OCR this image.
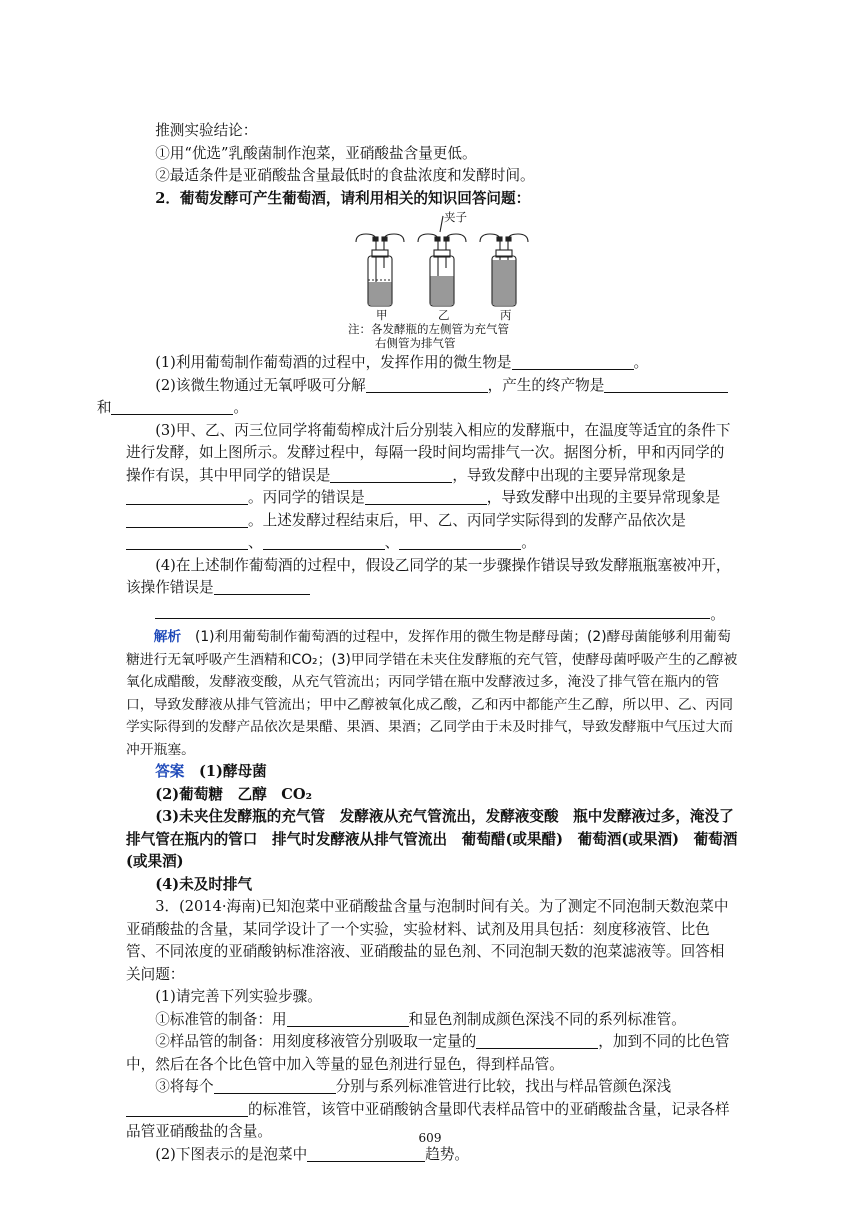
推测实验结论：

①用“优选”乳酸菌制作泡菜，亚硝酸盐含量更低。

②最适条件是亚硝酸盐含量最低时的食盐浓度和发酵时间。

2．葡萄发酵可产生葡萄酒，请利用相关的知识回答问题：

夹子
甲	乙	丙
注：各发酵瓶的左侧管为充气管
右侧管为排气管

(1)利用葡萄制作葡萄酒的过程中，发挥作用的微生物是	。

(2)该微生物通过无氧呼吸可分解	，产生的终产物是
和	。

(3)甲、乙、丙三位同学将葡萄榨成汁后分别装入相应的发酵瓶中，在温度等适宜的条件下进行发酵，如上图所示。发酵过程中，每隔一段时间均需排气一次。据图分析，甲和丙同学的操作有误，其中甲同学的错误是	，导致发酵中出现的主要异常现象是。丙同学的错误是	，导致发酵中出现的主要异常现象是。上述发酵过程结束后，甲、乙、丙同学实际得到的发酵产品依次是、	、	。

(4)在上述制作葡萄酒的过程中，假设乙同学的某一步骤操作错误导致发酵瓶瓶塞被冲开，该操作错误是

。

解析　 (1)利用葡萄制作葡萄酒的过程中，发挥作用的微生物是酵母菌；(2)酵母菌能够利用葡萄糖进行无氧呼吸产生酒精和CO₂；(3)甲同学错在未夹住发酵瓶的充气管，使酵母菌呼吸产生的乙醇被氧化成醋酸，发酵液变酸，从充气管流出；丙同学错在瓶中发酵液过多，淹没了排气管在瓶内的管口，导致发酵液从排气管流出；甲中乙醇被氧化成乙酸，乙和丙中都能产生乙醇，所以甲、乙、丙同学实际得到的发酵产品依次是果醋、果酒、果酒；乙同学由于未及时排气，导致发酵瓶中气压过大而冲开瓶塞。

答案　 (1)酵母菌

(2)葡萄糖　乙醇　CO₂

(3)未夹住发酵瓶的充气管　发酵液从充气管流出，发酵液变酸　瓶中发酵液过多，淹没了排气管在瓶内的管口　排气时发酵液从排气管流出　葡萄醋(或果醋)　葡萄酒(或果酒)　葡萄酒(或果酒)

(4)未及时排气

3．(2014·海南)已知泡菜中亚硝酸盐含量与泡制时间有关。为了测定不同泡制天数泡菜中亚硝酸盐的含量，某同学设计了一个实验，实验材料、试剂及用具包括：刻度移液管、比色管、不同浓度的亚硝酸钠标准溶液、亚硝酸盐的显色剂、不同泡制天数的泡菜滤液等。回答相关问题：

(1)请完善下列实验步骤。

①标准管的制备：用	和显色剂制成颜色深浅不同的系列标准管。

②样品管的制备：用刻度移液管分别吸取一定量的	，加到不同的比色管中，然后在各个比色管中加入等量的显色剂进行显色，得到样品管。

③将每个	分别与系列标准管进行比较，找出与样品管颜色深浅的标准管，该管中亚硝酸钠含量即代表样品管中的亚硝酸盐含量，记录各样品管亚硝酸盐的含量。

(2)下图表示的是泡菜中	趋势。

609
